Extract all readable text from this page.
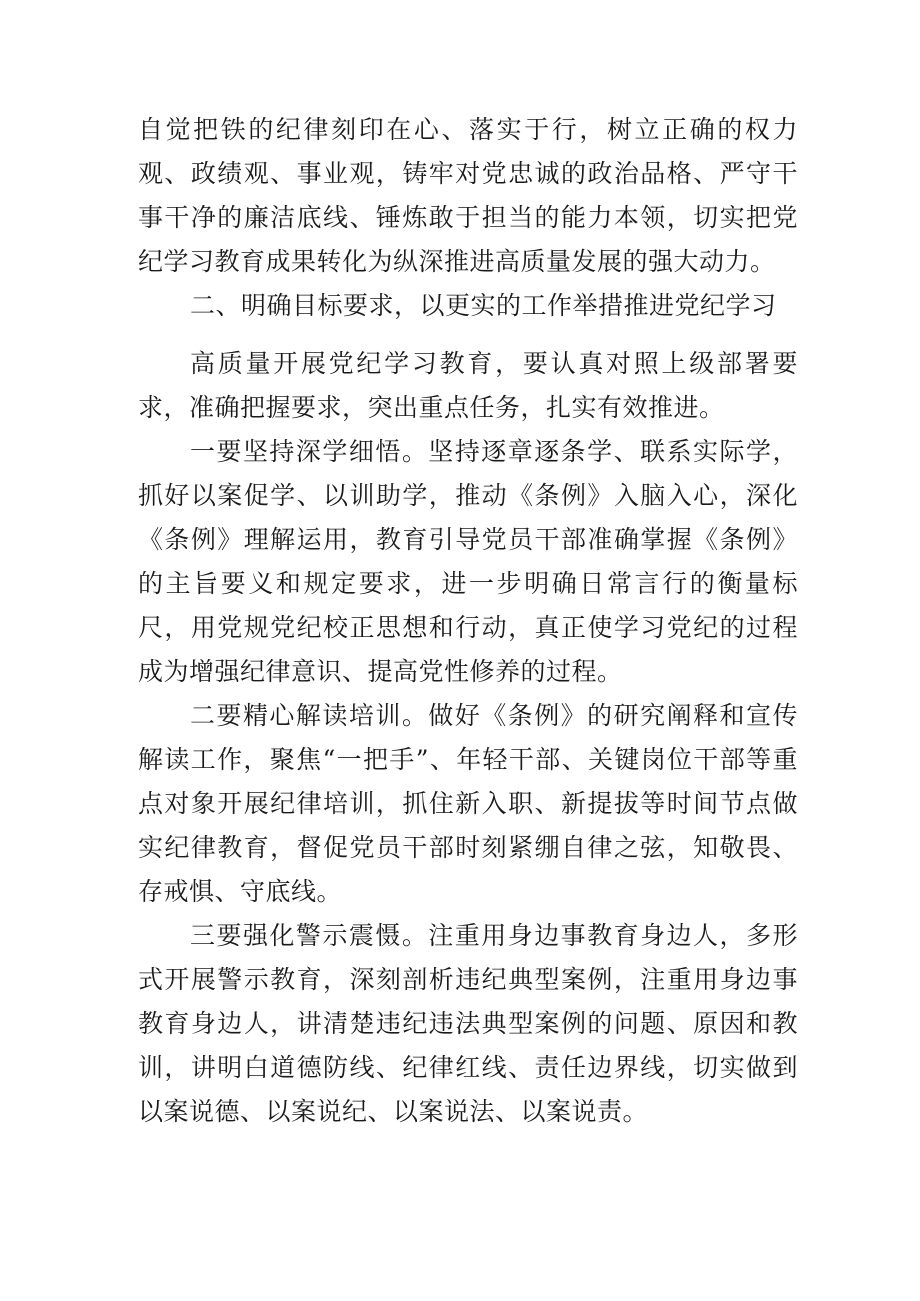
自觉把铁的纪律刻印在心、落实于行，树立正确的权力观、政绩观、事业观，铸牢对党忠诚的政治品格、严守干事干净的廉洁底线、锤炼敢于担当的能力本领，切实把党纪学习教育成果转化为纵深推进高质量发展的强大动力。

二、明确目标要求，以更实的工作举措推进党纪学习

高质量开展党纪学习教育，要认真对照上级部署要求，准确把握要求，突出重点任务，扎实有效推进。

一要坚持深学细悟。坚持逐章逐条学、联系实际学，抓好以案促学、以训助学，推动《条例》入脑入心，深化《条例》理解运用，教育引导党员干部准确掌握《条例》的主旨要义和规定要求，进一步明确日常言行的衡量标尺，用党规党纪校正思想和行动，真正使学习党纪的过程成为增强纪律意识、提高党性修养的过程。

二要精心解读培训。做好《条例》的研究阐释和宣传解读工作，聚焦“一把手”、年轻干部、关键岗位干部等重点对象开展纪律培训，抓住新入职、新提拔等时间节点做实纪律教育，督促党员干部时刻紧绷自律之弦，知敬畏、存戒惧、守底线。

三要强化警示震慑。注重用身边事教育身边人，多形式开展警示教育，深刻剖析违纪典型案例，注重用身边事教育身边人，讲清楚违纪违法典型案例的问题、原因和教训，讲明白道德防线、纪律红线、责任边界线，切实做到以案说德、以案说纪、以案说法、以案说责。
